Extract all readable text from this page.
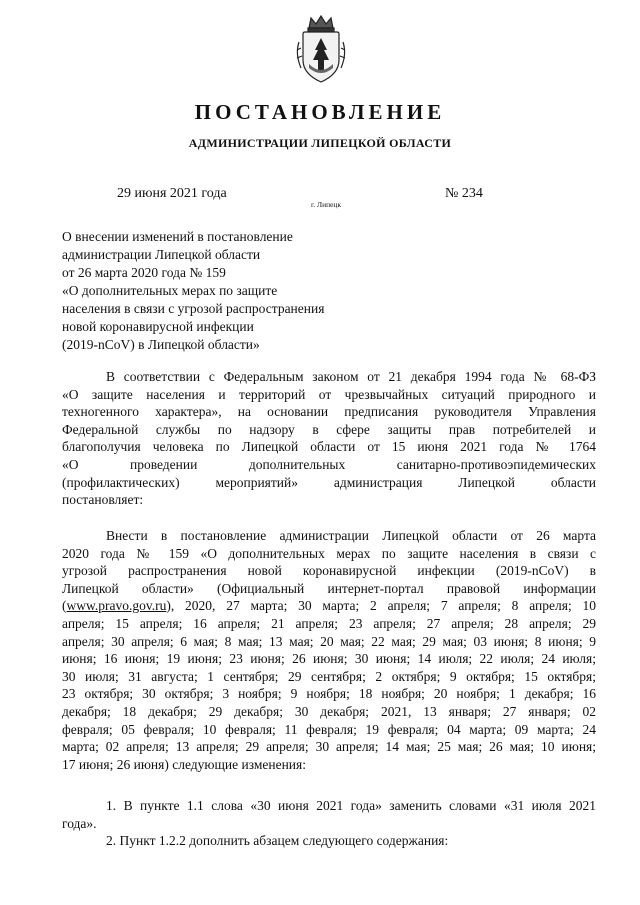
ПОСТАНОВЛЕНИЕ
АДМИНИСТРАЦИИ ЛИПЕЦКОЙ ОБЛАСТИ
29 июня 2021 года
г. Липецк
№ 234
О внесении изменений в постановление
администрации Липецкой области
от 26 марта 2020 года № 159
«О дополнительных мерах по защите
населения в связи с угрозой распространения
новой коронавирусной инфекции
(2019-nCoV) в Липецкой области»
В соответствии с Федеральным законом от 21 декабря 1994 года № 68-ФЗ
«О защите населения и территорий от чрезвычайных ситуаций природного и
техногенного характера», на основании предписания руководителя Управления
Федеральной службы по надзору в сфере защиты прав потребителей и
благополучия человека по Липецкой области от 15 июня 2021 года № 1764
«О проведении дополнительных санитарно-противоэпидемических
(профилактических) мероприятий» администрация Липецкой области
постановляет:
Внести в постановление администрации Липецкой области от 26 марта
2020 года № 159 «О дополнительных мерах по защите населения в связи с
угрозой распространения новой коронавирусной инфекции (2019-nCoV) в
Липецкой области» (Официальный интернет-портал правовой информации
(www.pravo.gov.ru), 2020, 27 марта; 30 марта; 2 апреля; 7 апреля; 8 апреля; 10
апреля; 15 апреля; 16 апреля; 21 апреля; 23 апреля; 27 апреля; 28 апреля; 29
апреля; 30 апреля; 6 мая; 8 мая; 13 мая; 20 мая; 22 мая; 29 мая; 03 июня; 8 июня; 9
июня; 16 июня; 19 июня; 23 июня; 26 июня; 30 июня; 14 июля; 22 июля; 24 июля;
30 июля; 31 августа; 1 сентября; 29 сентября; 2 октября; 9 октября; 15 октября;
23 октября; 30 октября; 3 ноября; 9 ноября; 18 ноября; 20 ноября; 1 декабря; 16
декабря; 18 декабря; 29 декабря; 30 декабря; 2021, 13 января; 27 января; 02
февраля; 05 февраля; 10 февраля; 11 февраля; 19 февраля; 04 марта; 09 марта; 24
марта; 02 апреля; 13 апреля; 29 апреля; 30 апреля; 14 мая; 25 мая; 26 мая; 10 июня;
17 июня; 26 июня) следующие изменения:
1. В пункте 1.1 слова «30 июня 2021 года» заменить словами «31 июля 2021
года».
2. Пункт 1.2.2 дополнить абзацем следующего содержания:
